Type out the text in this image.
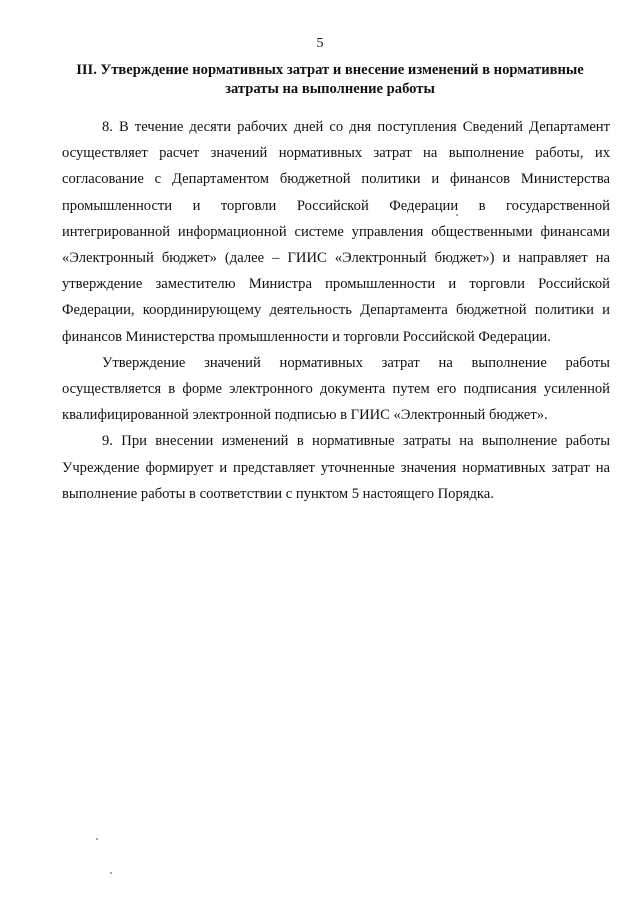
5
III. Утверждение нормативных затрат и внесение изменений в нормативные затраты на выполнение работы

8. В течение десяти рабочих дней со дня поступления Сведений Департамент осуществляет расчет значений нормативных затрат на выполнение работы, их согласование с Департаментом бюджетной политики и финансов Министерства промышленности и торговли Российской Федерации в государственной интегрированной информационной системе управления общественными финансами «Электронный бюджет» (далее – ГИИС «Электронный бюджет») и направляет на утверждение заместителю Министра промышленности и торговли Российской Федерации, координирующему деятельность Департамента бюджетной политики и финансов Министерства промышленности и торговли Российской Федерации.

Утверждение значений нормативных затрат на выполнение работы осуществляется в форме электронного документа путем его подписания усиленной квалифицированной электронной подписью в ГИИС «Электронный бюджет».

9. При внесении изменений в нормативные затраты на выполнение работы Учреждение формирует и представляет уточненные значения нормативных затрат на выполнение работы в соответствии с пунктом 5 настоящего Порядка.
